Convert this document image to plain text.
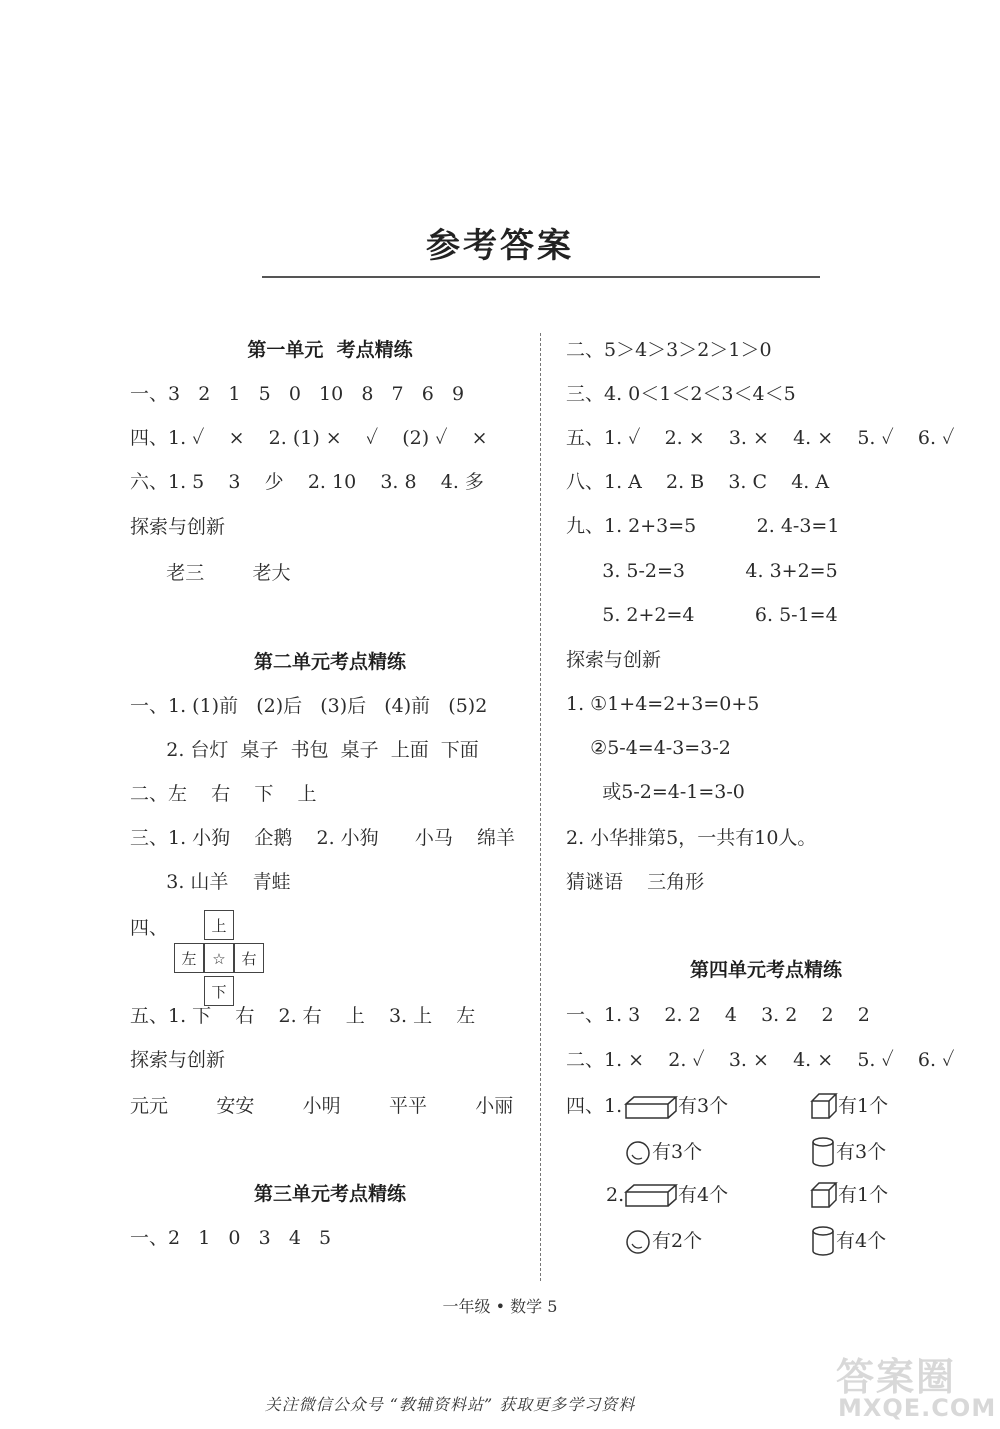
参考答案
第一单元  考点精练
一、3   2   1   5   0   10   8   7   6   9
四、1. ✓    ×    2. (1) ×    ✓    (2) ✓    ×
六、1. 5    3    少    2. 10    3. 8    4. 多
探索与创新
老三        老大
第二单元考点精练
一、1. (1)前   (2)后   (3)后   (4)前   (5)2
2. 台灯  桌子  书包  桌子  上面  下面
二、左    右    下    上
三、1. 小狗    企鹅    2. 小狗      小马    绵羊
3. 山羊    青蛙
四、	上
左	☆	右
下
五、1. 下    右    2. 右    上    3. 上    左
探索与创新
元元        安安        小明        平平        小丽
第三单元考点精练
一、2   1   0   3   4   5
二、5＞4＞3＞2＞1＞0
三、4. 0＜1＜2＜3＜4＜5
五、1. ✓    2. ×    3. ×    4. ×    5. ✓    6. ✓
八、1. A    2. B    3. C    4. A
九、1. 2+3=5          2. 4-3=1
3. 5-2=3          4. 3+2=5
5. 2+2=4          6. 5-1=4
探索与创新
1. ①1+4=2+3=0+5
②5-4=4-3=3-2
或5-2=4-1=3-0
2. 小华排第5，一共有10人。
猜谜语    三角形
第四单元考点精练
一、1. 3    2. 2    4    3. 2    2    2
二、1. ×    2. ✓    3. ×    4. ×    5. ✓    6. ✓
四、1.	有3个	有1个
有3个	有3个
2.	有4个	有1个
有2个	有4个
一年级 • 数学 5
关注微信公众号 “教辅资料站” 获取更多学习资料
答案圈
MXQE.COM
